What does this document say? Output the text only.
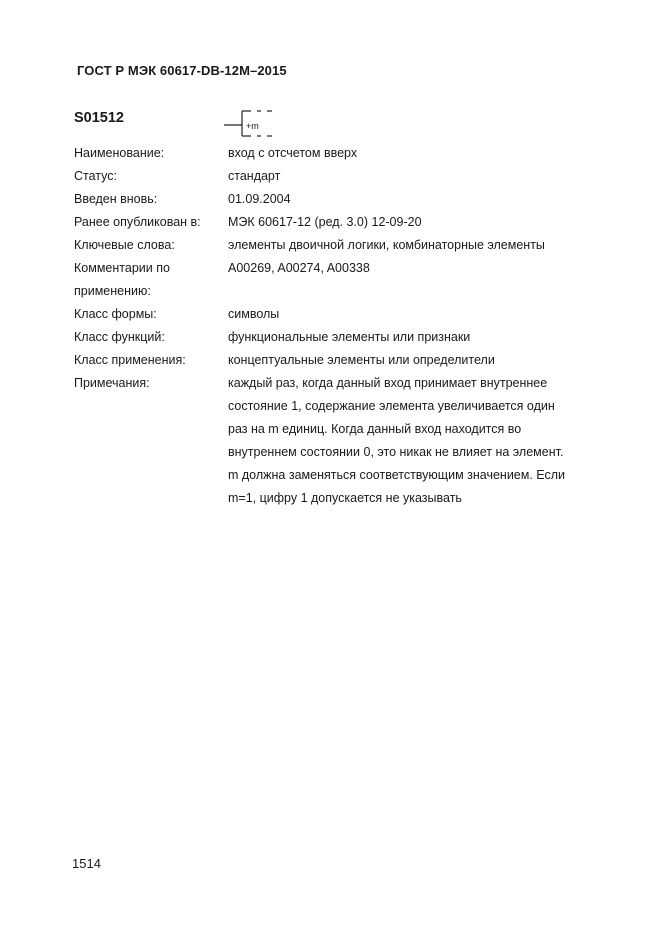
ГОСТ Р МЭК 60617-DB-12M–2015
S01512	+m
Наименование:	вход с отсчетом вверх
Статус:	стандарт
Введен вновь:	01.09.2004
Ранее опубликован в:	МЭК 60617-12 (ред. 3.0) 12-09-20
Ключевые слова:	элементы двоичной логики, комбинаторные элементы
Комментарии по применению:
A00269, A00274, A00338
Класс формы:	символы
Класс функций:	функциональные элементы или признаки
Класс применения:	концептуальные элементы или определители
Примечания:	каждый раз, когда данный вход принимает внутреннее состояние 1, содержание элемента увеличивается один раз на m единиц. Когда данный вход находится во внутреннем состоянии 0, это никак не влияет на элемент. m должна заменяться соответствующим значением. Если m=1, цифру 1 допускается не указывать
1514
